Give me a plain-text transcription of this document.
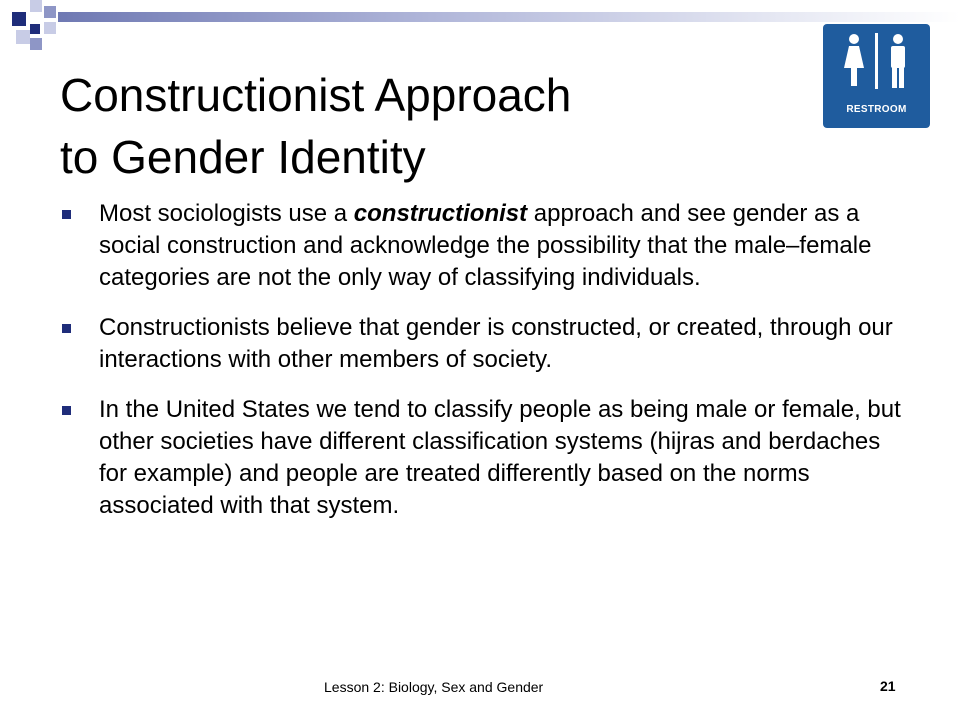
Constructionist Approach
to Gender Identity
RESTROOM
Most sociologists use a constructionist approach and see gender as a social construction and acknowledge the possibility that the male–female categories are not the only way of classifying individuals.
Constructionists believe that gender is constructed, or created, through our interactions with other members of society.
In the United States we tend to classify people as being male or female, but other societies have different classification systems (hijras and berdaches for example) and people are treated differently based on the norms associated with that system.
Lesson 2: Biology, Sex and Gender	21
